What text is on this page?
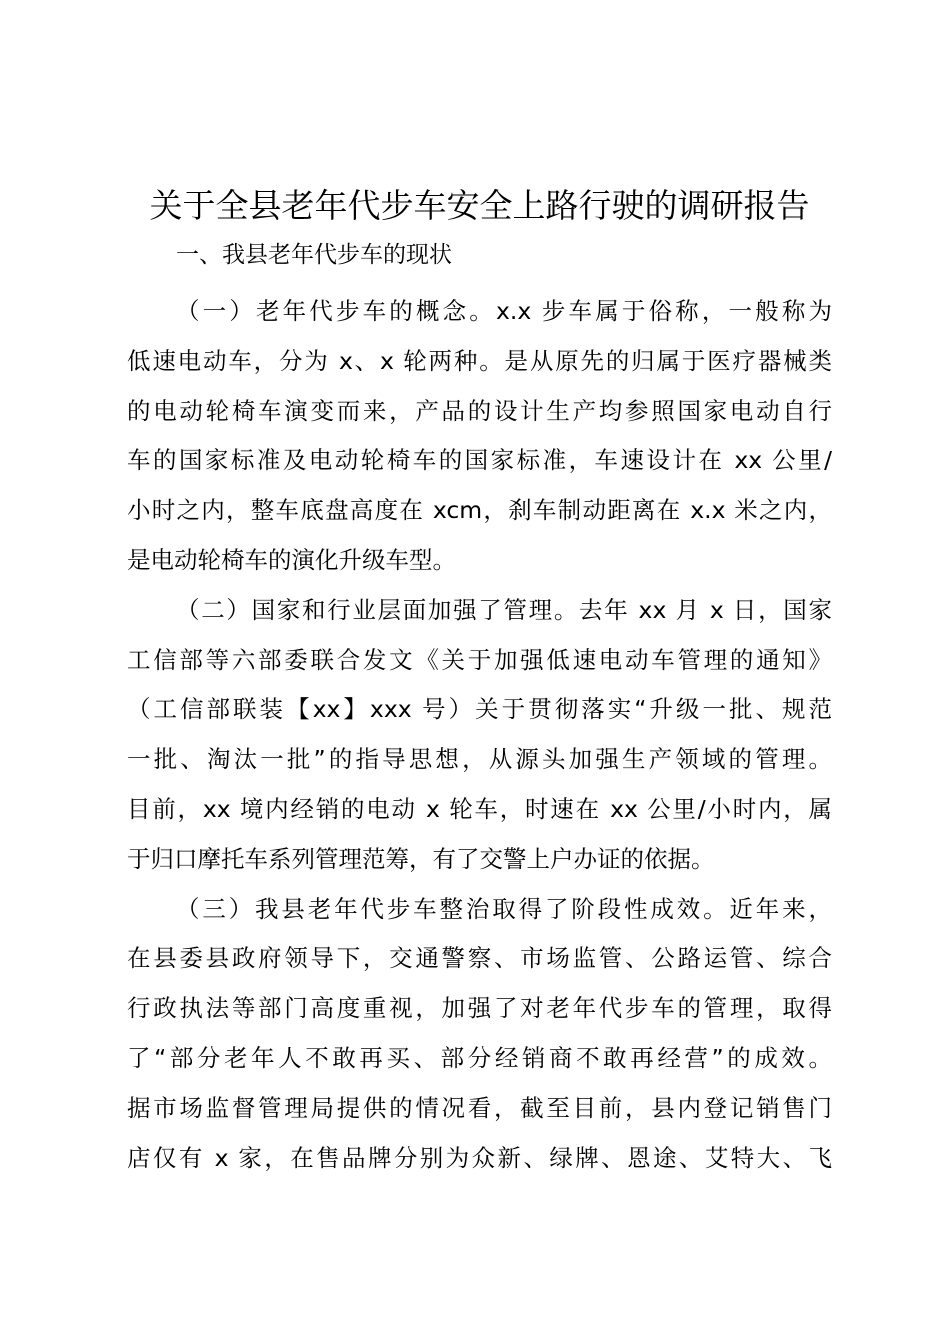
关于全县老年代步车安全上路行驶的调研报告
一、我县老年代步车的现状
（一）老年代步车的概念。x.x 步车属于俗称，一般称为
低速电动车，分为 x、x 轮两种。是从原先的归属于医疗器械类
的电动轮椅车演变而来，产品的设计生产均参照国家电动自行
车的国家标准及电动轮椅车的国家标准，车速设计在 xx 公里/
小时之内，整车底盘高度在 xcm，刹车制动距离在 x.x 米之内，
是电动轮椅车的演化升级车型。
（二）国家和行业层面加强了管理。去年 xx 月 x 日，国家
工信部等六部委联合发文《关于加强低速电动车管理的通知》
（工信部联装【xx】xxx 号）关于贯彻落实“升级一批、规范
一批、淘汰一批”的指导思想，从源头加强生产领域的管理。
目前，xx 境内经销的电动 x 轮车，时速在 xx 公里/小时内，属
于归口摩托车系列管理范筹，有了交警上户办证的依据。
（三）我县老年代步车整治取得了阶段性成效。近年来，
在县委县政府领导下，交通警察、市场监管、公路运管、综合
行政执法等部门高度重视，加强了对老年代步车的管理，取得
了“部分老年人不敢再买、部分经销商不敢再经营”的成效。
据市场监督管理局提供的情况看，截至目前，县内登记销售门
店仅有 x 家，在售品牌分别为众新、绿牌、恩途、艾特大、飞
